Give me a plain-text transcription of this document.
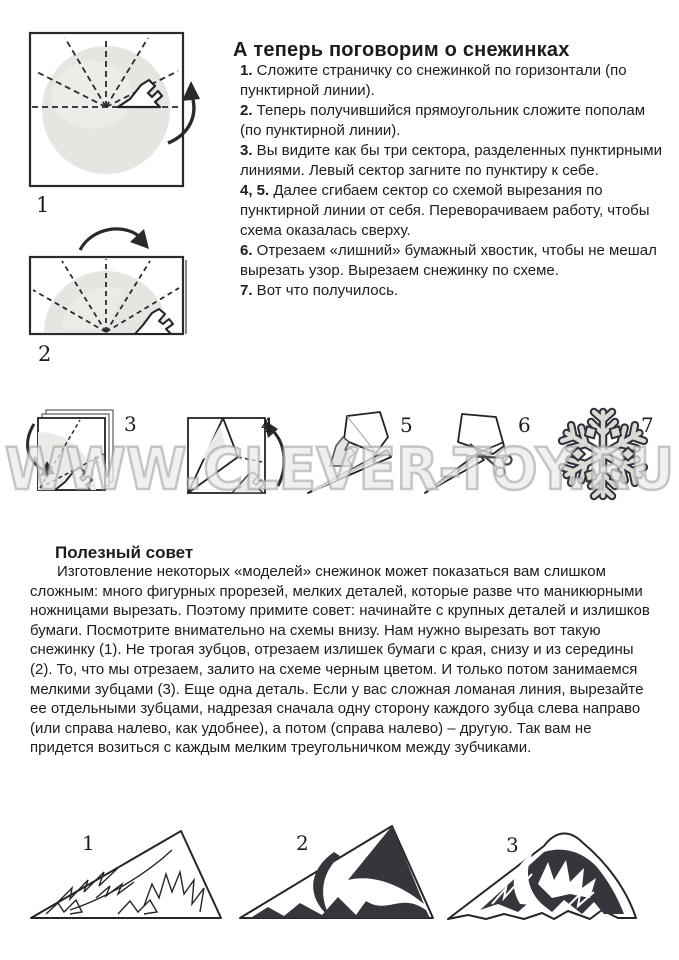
1
2
3	4	5	6	7
WWW.CLEVER-TOY.RU
А теперь поговорим о снежинках

1. Сложите страничку со снежинкой по горизонтали (по пунктирной линии).

2. Теперь получившийся прямоугольник сложите пополам (по пунктирной линии).

3. Вы видите как бы три сектора, разделенных пунктирными линиями. Левый сектор загните по пунктиру к себе.

4, 5. Далее сгибаем сектор со схемой вырезания по пунктирной линии от себя. Переворачиваем работу, чтобы схема оказалась сверху.

6. Отрезаем «лишний» бумажный хвостик, чтобы не мешал вырезать узор. Вырезаем снежинку по схеме.

7. Вот что получилось.

Полезный совет

Изготовление некоторых «моделей» снежинок может показаться вам слишком сложным: много фигурных прорезей, мелких деталей, которые разве что маникюрными ножницами вырезать. Поэтому примите совет: начинайте с крупных деталей и излишков бумаги. Посмотрите внимательно на схемы внизу. Нам нужно вырезать вот такую снежинку (1). Не трогая зубцов, отрезаем излишек бумаги с края, снизу и из середины (2). То, что мы отрезаем, залито на схеме черным цветом. И только потом занимаемся мелкими зубцами (3). Еще одна деталь. Если у вас сложная ломаная линия, вырезайте ее отдельными зубцами, надрезая сначала одну сторону каждого зубца слева направо (или справа налево, как удобнее), а потом (справа налево) – другую. Так вам не придется возиться с каждым мелким треугольничком между зубчиками.

1	2	3
